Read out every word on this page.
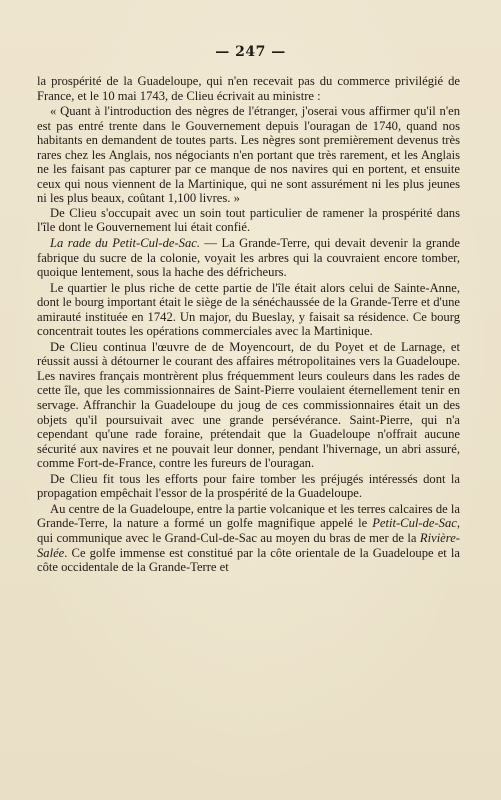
— 247 —

la prospérité de la Guadeloupe, qui n'en recevait pas du commerce privilégié de France, et le 10 mai 1743, de Clieu écrivait au ministre :

« Quant à l'introduction des nègres de l'étranger, j'oserai vous affirmer qu'il n'en est pas entré trente dans le Gouvernement depuis l'ouragan de 1740, quand nos habitants en demandent de toutes parts. Les nègres sont premièrement devenus très rares chez les Anglais, nos négociants n'en portant que très rarement, et les Anglais ne les faisant pas capturer par ce manque de nos navires qui en portent, et ensuite ceux qui nous viennent de la Martinique, qui ne sont assurément ni les plus jeunes ni les plus beaux, coûtant 1,100 livres. »

De Clieu s'occupait avec un soin tout particulier de ramener la prospérité dans l'île dont le Gouvernement lui était confié.

La rade du Petit-Cul-de-Sac. — La Grande-Terre, qui devait devenir la grande fabrique du sucre de la colonie, voyait les arbres qui la couvraient encore tomber, quoique lentement, sous la hache des défricheurs.

Le quartier le plus riche de cette partie de l'île était alors celui de Sainte-Anne, dont le bourg important était le siège de la sénéchaussée de la Grande-Terre et d'une amirauté instituée en 1742. Un major, du Bueslay, y faisait sa résidence. Ce bourg concentrait toutes les opérations commerciales avec la Martinique.

De Clieu continua l'œuvre de de Moyencourt, de du Poyet et de Larnage, et réussit aussi à détourner le courant des affaires métropolitaines vers la Guadeloupe. Les navires français montrèrent plus fréquemment leurs couleurs dans les rades de cette île, que les commissionnaires de Saint-Pierre voulaient éternellement tenir en servage. Affranchir la Guadeloupe du joug de ces commissionnaires était un des objets qu'il poursuivait avec une grande persévérance. Saint-Pierre, qui n'a cependant qu'une rade foraine, prétendait que la Guadeloupe n'offrait aucune sécurité aux navires et ne pouvait leur donner, pendant l'hivernage, un abri assuré, comme Fort-de-France, contre les fureurs de l'ouragan.

De Clieu fit tous les efforts pour faire tomber les préjugés intéressés dont la propagation empêchait l'essor de la prospérité de la Guadeloupe.

Au centre de la Guadeloupe, entre la partie volcanique et les terres calcaires de la Grande-Terre, la nature a formé un golfe magnifique appelé le Petit-Cul-de-Sac, qui communique avec le Grand-Cul-de-Sac au moyen du bras de mer de la Rivière-Salée. Ce golfe immense est constitué par la côte orientale de la Guadeloupe et la côte occidentale de la Grande-Terre et
